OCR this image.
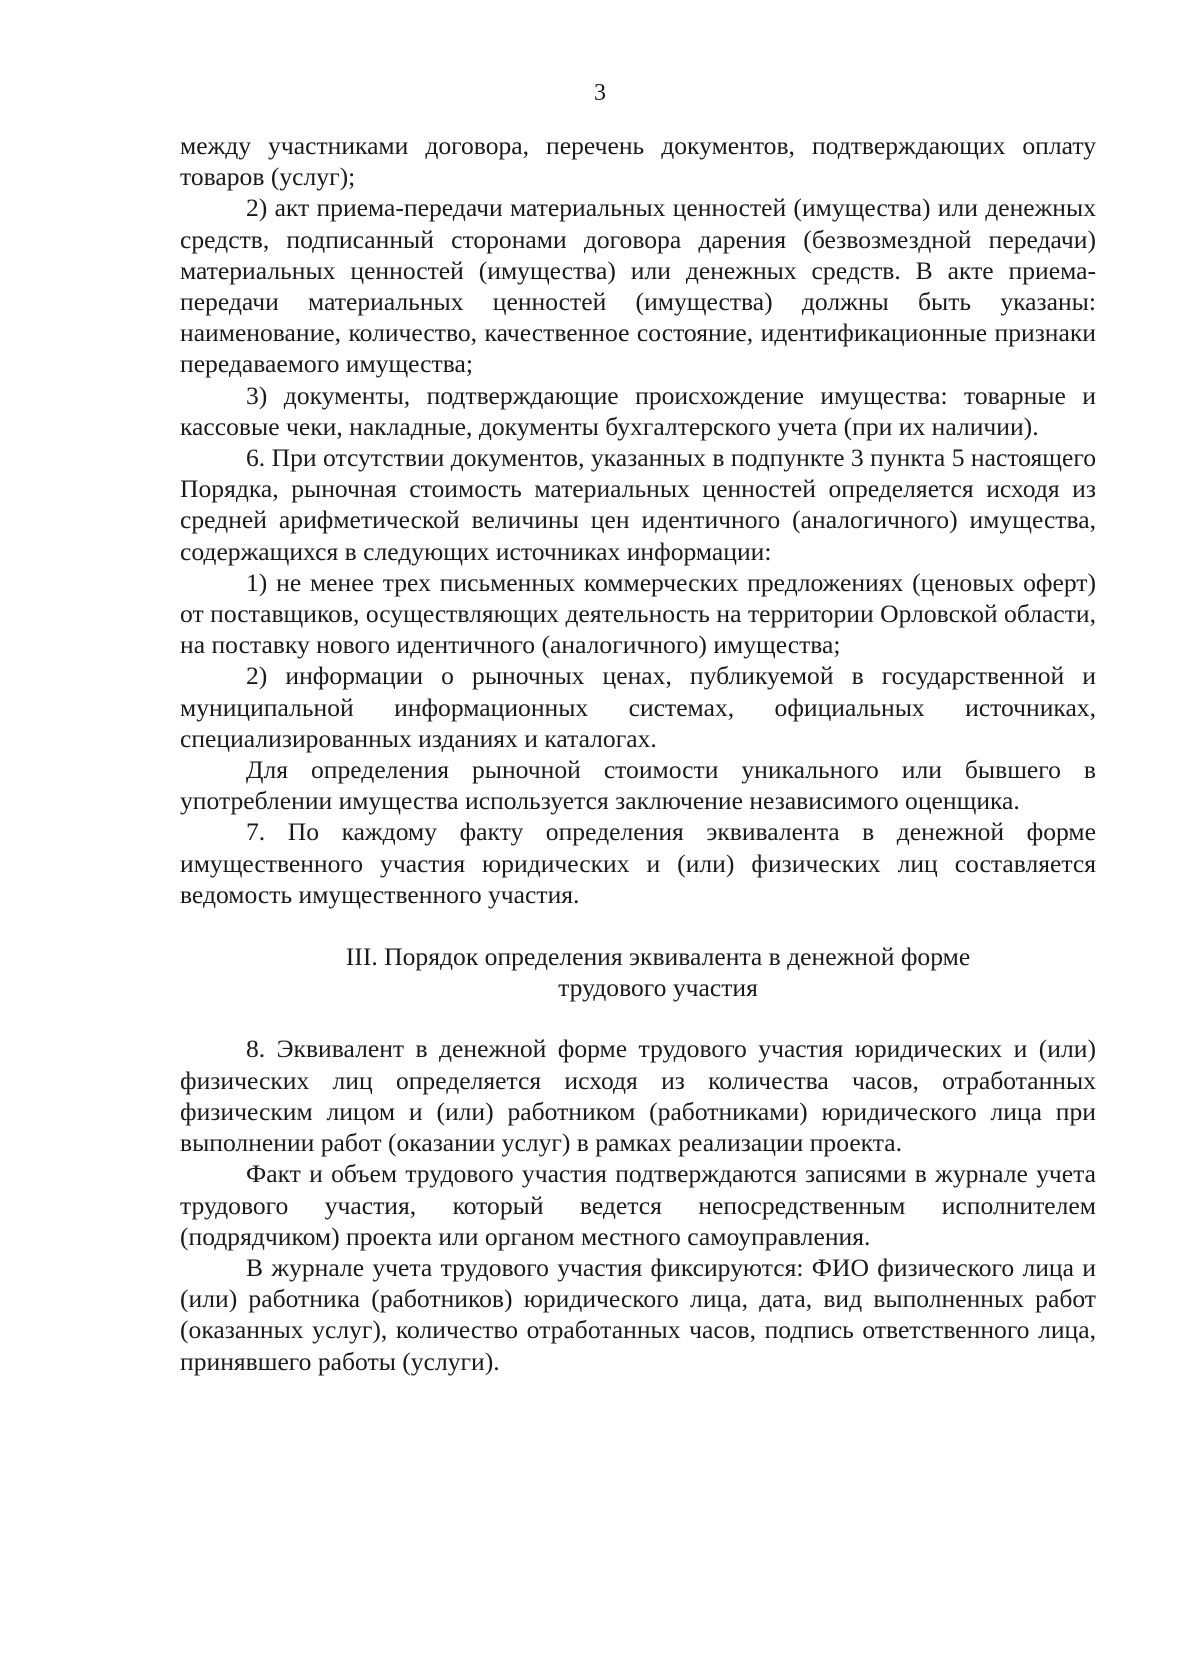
3

между участниками договора, перечень документов, подтверждающих оплату товаров (услуг);

2) акт приема-передачи материальных ценностей (имущества) или денежных средств, подписанный сторонами договора дарения (безвозмездной передачи) материальных ценностей (имущества) или денежных средств. В акте приема-передачи материальных ценностей (имущества) должны быть указаны: наименование, количество, качественное состояние, идентификационные признаки передаваемого имущества;

3) документы, подтверждающие происхождение имущества: товарные и кассовые чеки, накладные, документы бухгалтерского учета (при их наличии).

6. При отсутствии документов, указанных в подпункте 3 пункта 5 настоящего Порядка, рыночная стоимость материальных ценностей определяется исходя из средней арифметической величины цен идентичного (аналогичного) имущества, содержащихся в следующих источниках информации:

1) не менее трех письменных коммерческих предложениях (ценовых оферт) от поставщиков, осуществляющих деятельность на территории Орловской области, на поставку нового идентичного (аналогичного) имущества;

2) информации о рыночных ценах, публикуемой в государственной и муниципальной информационных системах, официальных источниках, специализированных изданиях и каталогах.

Для определения рыночной стоимости уникального или бывшего в употреблении имущества используется заключение независимого оценщика.

7. По каждому факту определения эквивалента в денежной форме имущественного участия юридических и (или) физических лиц составляется ведомость имущественного участия.

III. Порядок определения эквивалента в денежной форме
трудового участия

8. Эквивалент в денежной форме трудового участия юридических и (или) физических лиц определяется исходя из количества часов, отработанных физическим лицом и (или) работником (работниками) юридического лица при выполнении работ (оказании услуг) в рамках реализации проекта.

Факт и объем трудового участия подтверждаются записями в журнале учета трудового участия, который ведется непосредственным исполнителем (подрядчиком) проекта или органом местного самоуправления.

В журнале учета трудового участия фиксируются: ФИО физического лица и (или) работника (работников) юридического лица, дата, вид выполненных работ (оказанных услуг), количество отработанных часов, подпись ответственного лица, принявшего работы (услуги).
